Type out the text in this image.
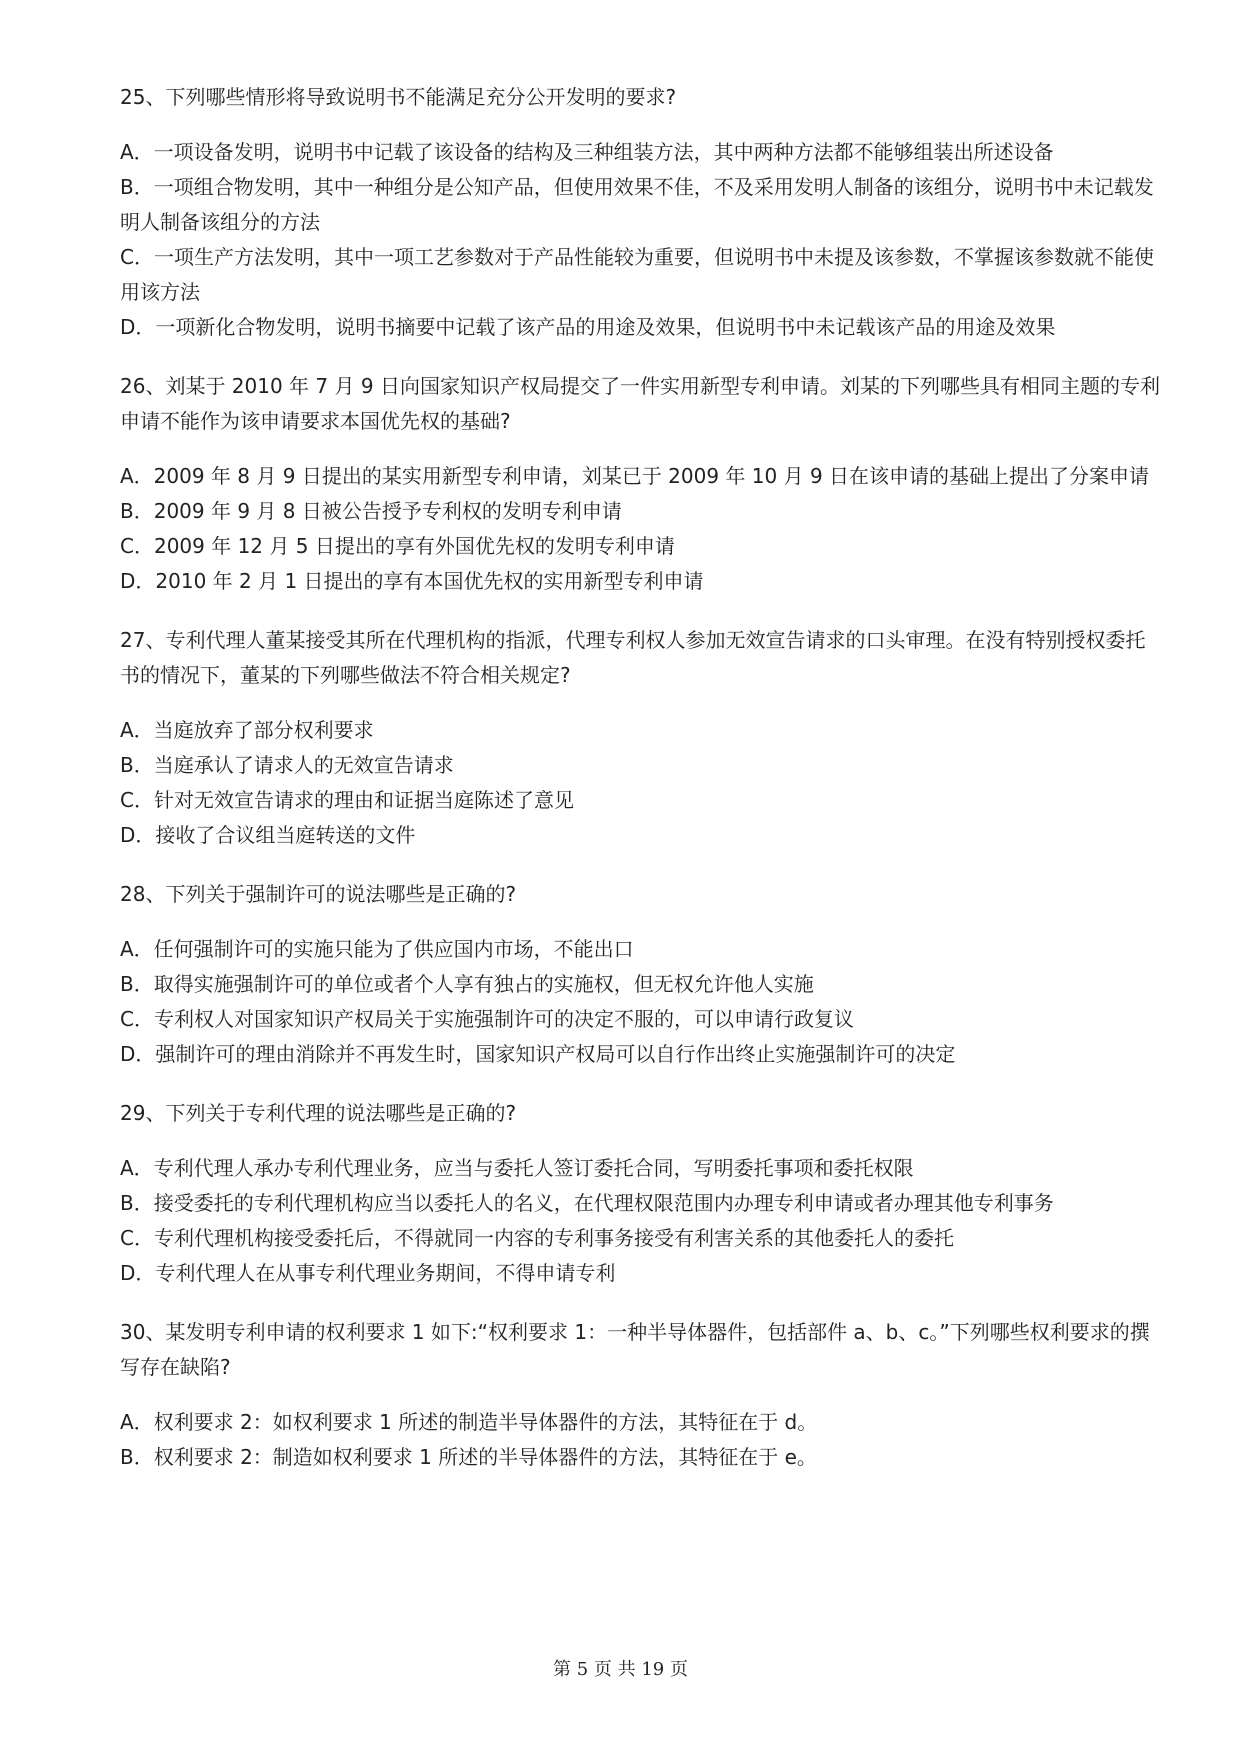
25、下列哪些情形将导致说明书不能满足充分公开发明的要求?
A．一项设备发明，说明书中记载了该设备的结构及三种组装方法，其中两种方法都不能够组装出所述设备
B．一项组合物发明，其中一种组分是公知产品，但使用效果不佳，不及采用发明人制备的该组分，说明书中未记载发明人制备该组分的方法
C．一项生产方法发明，其中一项工艺参数对于产品性能较为重要，但说明书中未提及该参数，不掌握该参数就不能使用该方法
D．一项新化合物发明，说明书摘要中记载了该产品的用途及效果，但说明书中未记载该产品的用途及效果
26、刘某于 2010 年 7 月 9 日向国家知识产权局提交了一件实用新型专利申请。刘某的下列哪些具有相同主题的专利申请不能作为该申请要求本国优先权的基础?
A．2009 年 8 月 9 日提出的某实用新型专利申请，刘某已于 2009 年 10 月 9 日在该申请的基础上提出了分案申请
B．2009 年 9 月 8 日被公告授予专利权的发明专利申请
C．2009 年 12 月 5 日提出的享有外国优先权的发明专利申请
D．2010 年 2 月 1 日提出的享有本国优先权的实用新型专利申请
27、专利代理人董某接受其所在代理机构的指派，代理专利权人参加无效宣告请求的口头审理。在没有特别授权委托书的情况下，董某的下列哪些做法不符合相关规定?
A．当庭放弃了部分权利要求
B．当庭承认了请求人的无效宣告请求
C．针对无效宣告请求的理由和证据当庭陈述了意见
D．接收了合议组当庭转送的文件
28、下列关于强制许可的说法哪些是正确的?
A．任何强制许可的实施只能为了供应国内市场，不能出口
B．取得实施强制许可的单位或者个人享有独占的实施权，但无权允许他人实施
C．专利权人对国家知识产权局关于实施强制许可的决定不服的，可以申请行政复议
D．强制许可的理由消除并不再发生时，国家知识产权局可以自行作出终止实施强制许可的决定
29、下列关于专利代理的说法哪些是正确的?
A．专利代理人承办专利代理业务，应当与委托人签订委托合同，写明委托事项和委托权限
B．接受委托的专利代理机构应当以委托人的名义，在代理权限范围内办理专利申请或者办理其他专利事务
C．专利代理机构接受委托后，不得就同一内容的专利事务接受有利害关系的其他委托人的委托
D．专利代理人在从事专利代理业务期间，不得申请专利
30、某发明专利申请的权利要求 1 如下:“权利要求 1：一种半导体器件，包括部件 a、b、c。”下列哪些权利要求的撰写存在缺陷?
A．权利要求 2：如权利要求 1 所述的制造半导体器件的方法，其特征在于 d。
B．权利要求 2：制造如权利要求 1 所述的半导体器件的方法，其特征在于 e。
第 5 页 共 19 页
